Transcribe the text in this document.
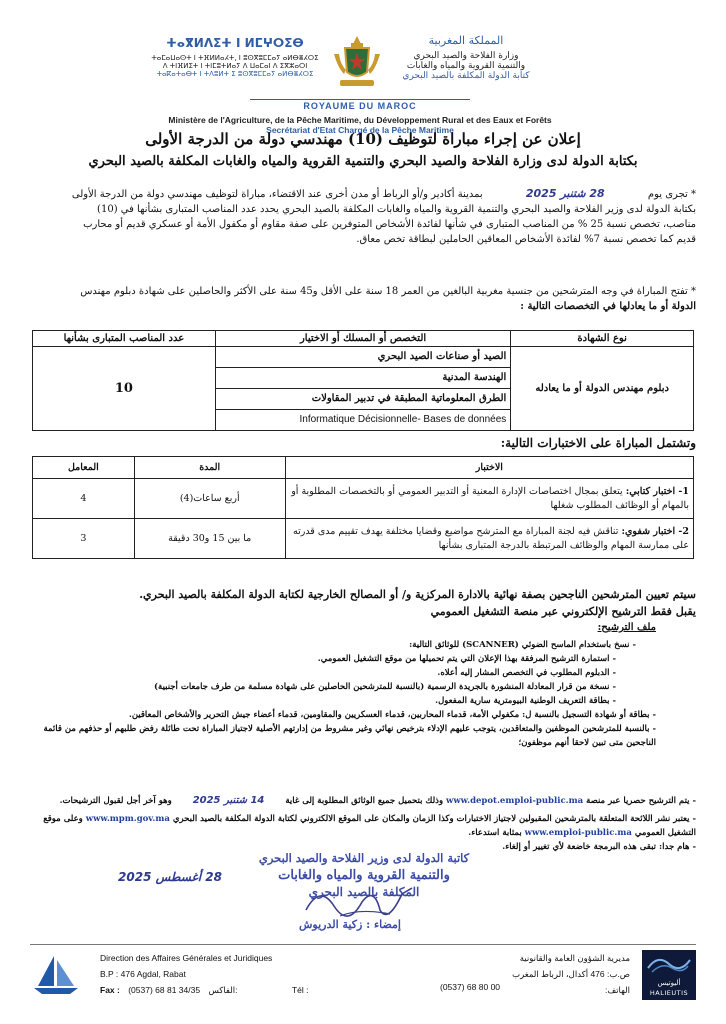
ⵜⴰⴳⵍⴷⵉⵜ ⵏ ⵍⵎⵖⵔⵉⴱ
ⵜⴰⵎⴰⵡⴰⵙⵜ ⵏ ⵜⴼⵍⵍⴰⵃⵜ, ⵏ ⵓⵙⴳⵓⵎⵎⴰⵢ ⴰⵍⴱⴻⵃⵔⵉ
ⴷ ⵜⵏⴼⵍⵉⵜ ⵏ ⵜⵏⵎⵓⵜⵍⴰⵢ ⴷ ⵡⴰⵎⴰⵏ ⴷ ⵉⴳⵣⴰⵔⵏ
ⵜⴰⴽⴰⵜⴰⴱⵜ ⵏ ⵜⴷⵓⵍⵜ ⵉ ⵓⵙⴳⵓⵎⵎⴰⵢ ⴰⵍⴱⴻⵃⵔⵉ
المملكة المغربية
وزارة الفلاحة والصيد البحري
والتنمية القروية والمياه والغابات
كتابة الدولة المكلفة بالصيد البحري
ROYAUME DU MAROC
Ministère de l'Agriculture, de la Pêche Maritime, du Développement Rural et des Eaux et Forêts
Secrétariat d'Etat Chargé de la Pêche Maritime
إعلان عن إجراء مباراة لتوظيف (10) مهندسي دولة من الدرجة الأولى
بكتابة الدولة لدى وزارة الفلاحة والصيد البحري والتنمية القروية والمياه والغابات المكلفة بالصيد البحري
* تجرى يوم 28 شتنبر 2025 بمدينة أكادير و/أو الرباط أو مدن أخرى عند الاقتضاء، مباراة لتوظيف مهندسي دولة من الدرجة الأولى
بكتابة الدولة لدى وزير الفلاحة والصيد البحري والتنمية القروية والمياه والغابات المكلفة بالصيد البحري يحدد عدد المناصب المتبارى بشأنها في (10)
مناصب، تخصص نسبة 25 % من المناصب المتبارى في شأنها لفائدة الأشخاص المتوفرين على صفة مقاوم أو مكفول الأمة أو عسكري قديم أو محارب
قديم كما تخصص نسبة 7% لفائدة الأشخاص المعاقين الحاملين لبطاقة تخص معاق.
* تفتح المباراة في وجه المترشحين من جنسية مغربية البالغين من العمر 18 سنة على الأقل و45 سنة على الأكثر والحاصلين على شهادة دبلوم مهندس
الدولة أو ما يعادلها في التخصصات التالية :
نوع الشهادة	التخصص أو المسلك أو الاختيار	عدد المناصب المتبارى بشأنها
دبلوم مهندس الدولة أو ما يعادله	الصيد أو صناعات الصيد البحري
الهندسة المدنية
الطرق المعلوماتية المطبقة في تدبير المقاولات
Informatique Décisionnelle- Bases de données	10
وتشتمل المباراة على الاختبارات التالية:
الاختبار	المدة	المعامل
1- اختبار كتابي: يتعلق بمجال اختصاصات الإدارة المعنية أو التدبير العمومي أو بالتخصصات المطلوبة أو بالمهام أو الوظائف المطلوب شغلها	أربع ساعات(4)	4
2- اختبار شفوي: تناقش فيه لجنة المباراة مع المترشح مواضيع وقضايا مختلفة يهدف تقييم مدى قدرته على ممارسة المهام والوظائف المرتبطة بالدرجة المتبارى بشأنها	ما بين 15 و30 دقيقة	3
سيتم تعيين المترشحين الناجحين بصفة نهائية بالادارة المركزية و/ أو المصالح الخارجية لكتابة الدولة المكلفة بالصيد البحري.
يقبل فقط الترشيح الإلكتروني عبر منصة التشغيل العمومي
ملف الترشيح:
- نسخ باستخدام الماسح الضوئي (SCANNER) للوثائق التالية:
- استمارة الترشيح المرفقة بهذا الإعلان التي يتم تحميلها من موقع التشغيل العمومي.
- الدبلوم المطلوب في التخصص المشار إليه أعلاه.
- نسخة من قرار المعادلة المنشورة بالجريدة الرسمية (بالنسبة للمترشحين الحاصلين على شهادة مسلمة من طرف جامعات أجنبية)
- بطاقة التعريف الوطنية البيومترية سارية المفعول.
- بطاقة أو شهادة التسجيل بالنسبة ل: مكفولي الأمة، قدماء المحاربين، قدماء العسكريين والمقاومين، قدماء أعضاء جيش التحرير والأشخاص المعاقين.
- بالنسبة للمترشحين الموظفين والمتعاقدين، يتوجب عليهم الإدلاء بترخيص نهائي وغير مشروط من إدارتهم الأصلية لاجتياز المباراة تحت طائلة رفض طلبهم أو حذفهم من قائمة الناجحين متى تبين لاحقا أنهم موظفون؛
- يتم الترشيح حصريا عبر منصة www.depot.emploi-public.ma وذلك بتحميل جميع الوثائق المطلوبة إلى غاية 14 شتنبر 2025 وهو آخر أجل لقبول الترشيحات.
- يعتبر نشر اللائحة المتعلقة بالمترشحين المقبولين لاجتياز الاختبارات وكذا الزمان والمكان على الموقع الالكتروني لكتابة الدولة المكلفة بالصيد البحري www.mpm.gov.ma وعلى موقع
التشغيل العمومي www.emploi-public.ma بمثابة استدعاء.
- هام جدا: تبقى هذه البرمجة خاضعة لأي تغيير أو إلغاء.
كاتبة الدولة لدى وزير الفلاحة والصيد البحري
والتنمية القروية والمياه والغابات
المكلفة بالصيد البحري
28 أغسطس 2025
إمضاء : زكية الدريوش
Direction des Affaires Générales et Juridiques
B.P : 476 Agdal, Rabat
Fax : (0537) 68 81 34/35 الفاكس:	Tél :
مديرية الشؤون العامة والقانونية
ص.ب: 476 أكدال، الرباط المغرب
الهاتف:
(0537) 68 80 00	أليوتيس
HALIEUTIS
